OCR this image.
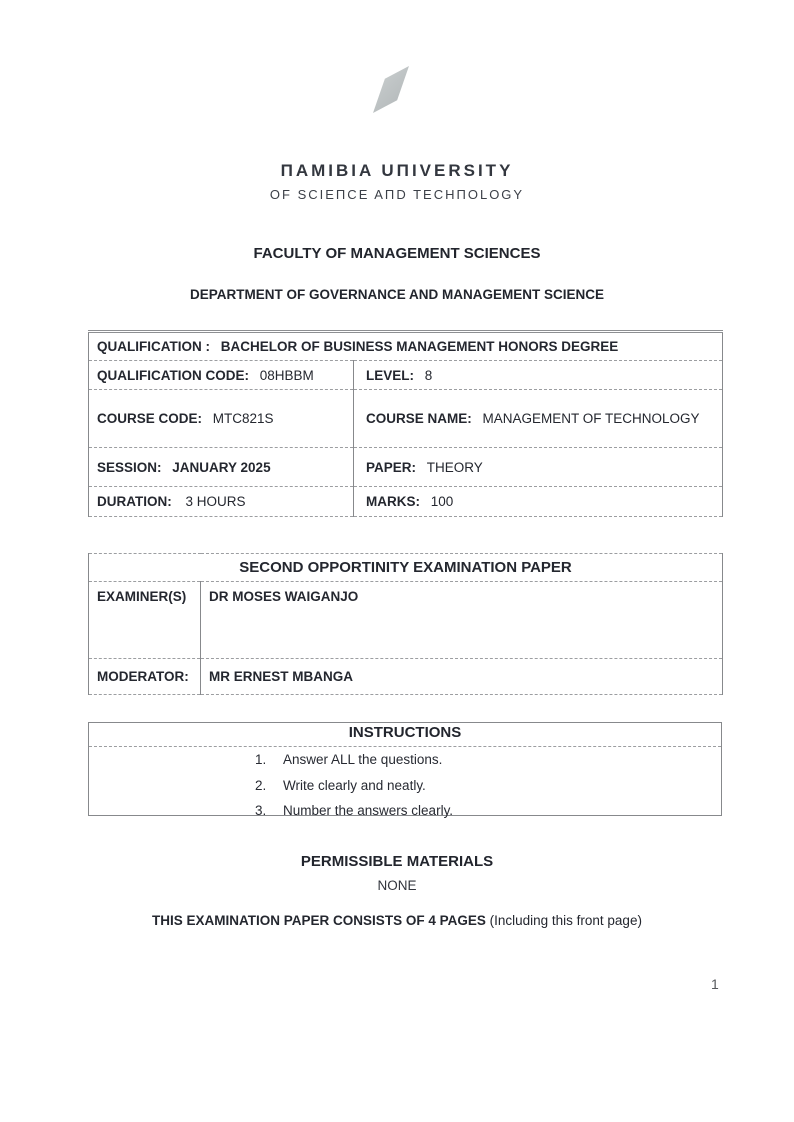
ΠAMIBIA UΠIVERSITY
OF SCIEΠCE AΠD TECHΠOLOGY
FACULTY OF MANAGEMENT SCIENCES
DEPARTMENT OF GOVERNANCE AND MANAGEMENT SCIENCE
QUALIFICATION : BACHELOR OF BUSINESS MANAGEMENT HONORS DEGREE	
QUALIFICATION CODE: 08HBBM	LEVEL: 8
COURSE CODE: MTC821S	COURSE NAME: MANAGEMENT OF TECHNOLOGY
SESSION: JANUARY 2025	PAPER: THEORY
DURATION: 3 HOURS	MARKS: 100
SECOND OPPORTINITY EXAMINATION PAPER	
EXAMINER(S)	DR MOSES WAIGANJO
MODERATOR:	MR ERNEST MBANGA
INSTRUCTIONS
1. Answer ALL the questions.
2. Write clearly and neatly.
3. Number the answers clearly.
PERMISSIBLE MATERIALS
NONE
THIS EXAMINATION PAPER CONSISTS OF 4 PAGES (Including this front page)
1
